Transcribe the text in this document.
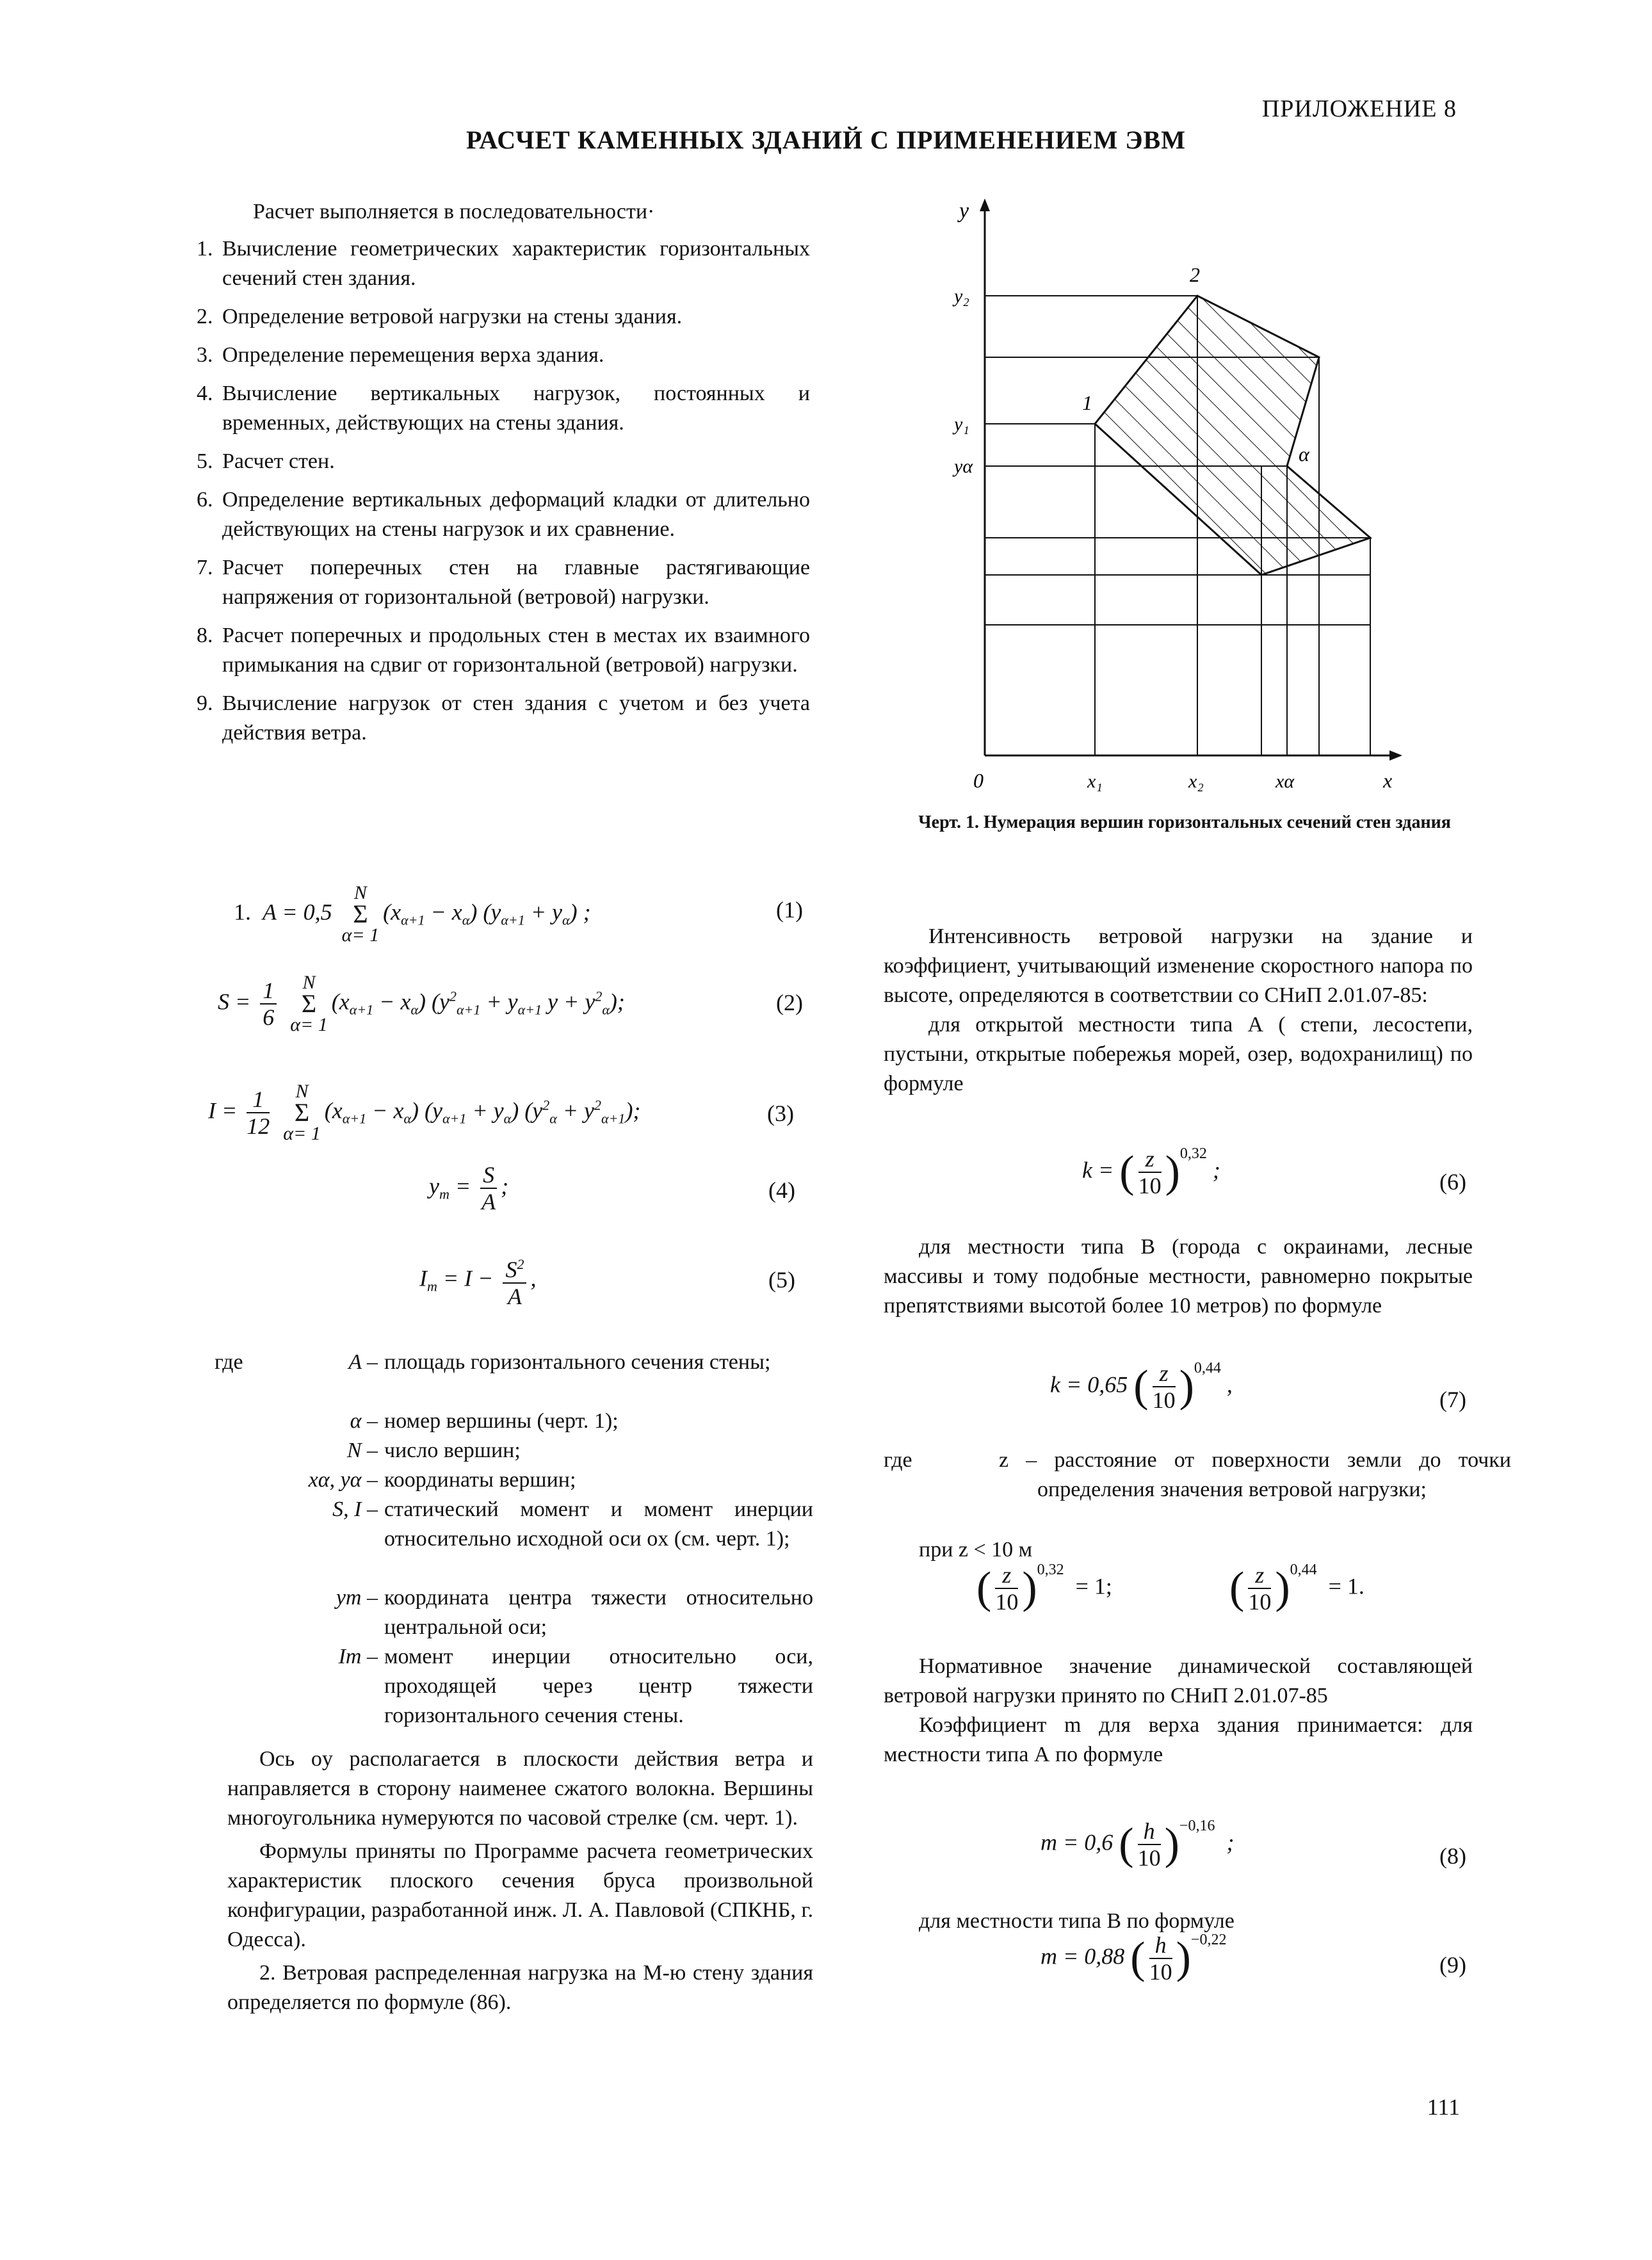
ПРИЛОЖЕНИЕ 8
РАСЧЕТ КАМЕННЫХ ЗДАНИЙ С ПРИМЕНЕНИЕМ ЭВМ

Расчет выполняется в последовательности·

1. Вычисление геометрических характеристик горизонтальных сечений стен здания.
2. Определение ветровой нагрузки на стены здания.
3. Определение перемещения верха здания.
4. Вычисление вертикальных нагрузок, постоянных и временных, действующих на стены здания.
5. Расчет стен.
6. Определение вертикальных деформаций кладки от длительно действующих на стены нагрузок и их сравнение.
7. Расчет поперечных стен на главные растягивающие напряжения от горизонтальной (ветровой) нагрузки.
8. Расчет поперечных и продольных стен в местах их взаимного примыкания на сдвиг от горизонтальной (ветровой) нагрузки.
9. Вычисление нагрузок от стен здания с учетом и без учета действия ветра.
1.  A = 0,5
N
Σ
α= 1
$(x_{\alpha+1} - x_\alpha) (y_{\alpha+1} + y_\alpha)$ ;	(1)
$S = \frac{1}{6}$
	N
Σ
α= 1
$(x_{\alpha+1} - x_\alpha) (y^2_{\alpha+1} + y_{\alpha+1}$ $y + y^2_\alpha$);	(2)
$I = \frac{1}{12}$
	N
Σ
α= 1
$(x_{\alpha+1} - x_\alpha) (y_{\alpha+1} + y_\alpha) (y^2_\alpha + y^2_{\alpha+1})$;	(3)
$y_m = \frac{S}{A}$ ;	(4)
$I_m = I - \frac{S^2}{A}$ ,	(5)
где	A – площадь горизонтального сечения стены;
α – номер вершины (черт. 1);
N – число вершин;
xα, yα – координаты вершин;
S, I – статический момент и момент инерции относительно исходной оси ox (см. черт. 1);
ym – координата центра тяжести относительно центральной оси;
Im – момент инерции относительно оси, проходящей через центр тяжести горизонтального сечения стены.

Ось oy располагается в плоскости действия ветра и направляется в сторону наименее сжатого волокна. Вершины многоугольника нумеруются по часовой стрелке (см. черт. 1).

Формулы приняты по Программе расчета геометрических характеристик плоского сечения бруса произвольной конфигурации, разработанной инж. Л. А. Павловой (СПКНБ, г. Одесса).

2. Ветровая распределенная нагрузка на M-ю стену здания определяется по формуле (86).

y
y₂
y₁
yα
0	x₁	x₂	xα	x
1
2
α
Черт. 1. Нумерация вершин горизонтальных сечений стен здания

Интенсивность ветровой нагрузки на здание и коэффициент, учитывающий изменение скоростного напора по высоте, определяются в соответствии со СНиП 2.01.07-85:

для открытой местности типа А ( степи, лесостепи, пустыни, открытые побережья морей, озер, водохранилищ) по формуле

k = ( $\frac{z}{10} )^{0,32}$ ;	(6)

для местности типа В (города с окраинами, лесные массивы и тому подобные местности, равномерно покрытые препятствиями высотой более 10 метров) по формуле

k = 0,65 ( $\frac{z}{10} )^{0,44}$ ,
(7)
где	z – расстояние от поверхности земли до точки определения значения ветровой нагрузки;
при z < 10 м
( $\frac{z}{10} )^{0,32} = 1$;	( $\frac{z}{10} )^{0,44} = 1$.

Нормативное значение динамической составляющей ветровой нагрузки принято по СНиП 2.01.07-85

Коэффициент m для верха здания принимается: для местности типа А по формуле

m = 0,6 ( $\frac{h}{10} )^{-0,16}$  ;
(8)
для местности типа В по формуле
m = 0,88 ( $\frac{h}{10} )^{-0,22}$
(9)
111
